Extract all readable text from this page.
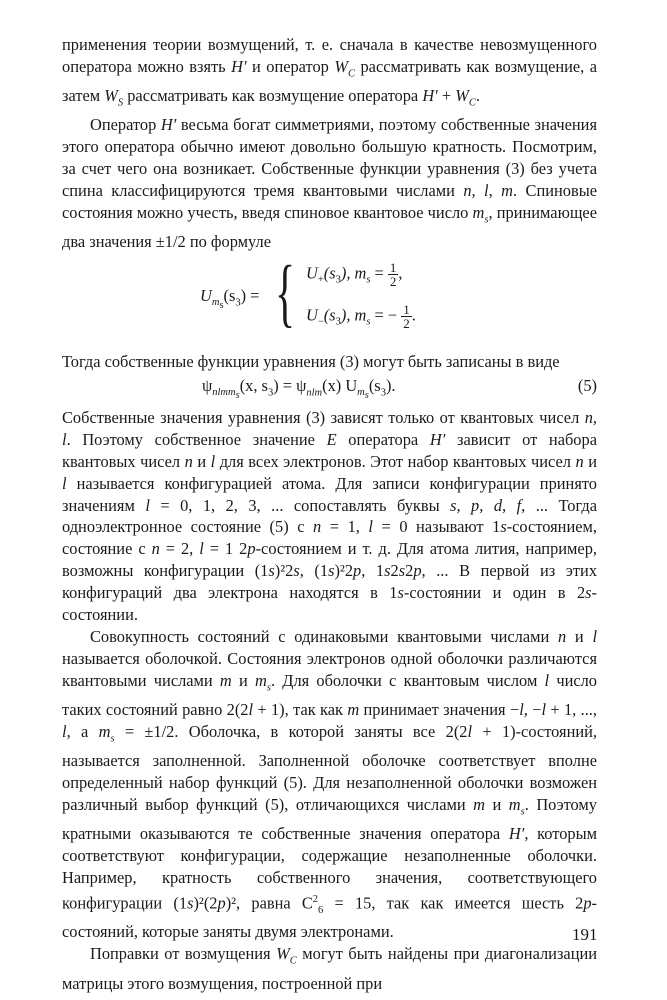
применения теории возмущений, т. е. сначала в качестве невозмущенного оператора можно взять H′ и оператор $W_C$ рассматривать как возмущение, а затем $W_S$ рассматривать как возмущение оператора $H' + W_C$.

Оператор H′ весьма богат симметриями, поэтому собственные значения этого оператора обычно имеют довольно большую кратность. Посмотрим, за счет чего она возникает. Собственные функции уравнения (3) без учета спина классифицируются тремя квантовыми числами n, l, m. Спиновые состояния можно учесть, введя спиновое квантовое число $m_s$, принимающее два значения ±1/2 по формуле

$U_{m_s}(s_3)$ = { $U_+(s_3)$, $m_s = \frac{1}{2}$ ,
$U_-(s_3)$, $m_s$ = − $\frac{1}{2}$ .

Тогда собственные функции уравнения (3) могут быть записаны в виде

$\psi_{nlmm_s}(x$, $s_3) = \psi_{nlm}(x)$ $U_{m_s}(s_3)$.	(5)

Собственные значения уравнения (3) зависят только от квантовых чисел n, l. Поэтому собственное значение E оператора H′ зависит от набора квантовых чисел n и l для всех электронов. Этот набор квантовых чисел n и l называется конфигурацией атома. Для записи конфигурации принято значениям l = 0, 1, 2, 3, ... сопоставлять буквы s, p, d, f, ... Тогда одноэлектронное состояние (5) с n = 1, l = 0 называют 1s-состоянием, состояние с n = 2, l = 1 2p-состоянием и т. д. Для атома лития, например, возможны конфигурации (1s)²2s, (1s)²2p, 1s2s2p, ... В первой из этих конфигураций два электрона находятся в 1s-состоянии и один в 2s-состоянии.

Совокупность состояний с одинаковыми квантовыми числами n и l называется оболочкой. Состояния электронов одной оболочки различаются квантовыми числами m и $m_s$. Для оболочки с квантовым числом l число таких состояний равно 2(2l + 1), так как m принимает значения −l, −l + 1, ..., l, а $m_s = \pm 1/2$. Оболочка, в которой заняты все 2(2l + 1)-состояний, называется заполненной. Заполненной оболочке соответствует вполне определенный набор функций (5). Для незаполненной оболочки возможен различный выбор функций (5), отличающихся числами m и $m_s$. Поэтому кратными оказываются те собственные значения оператора H′, которым соответствуют конфигурации, содержащие незаполненные оболочки. Например, кратность собственного значения, соответствующего конфигурации (1s)²(2p)², равна $C^2_6 = 15$, так как имеется шесть 2p-состояний, которые заняты двумя электронами.

Поправки от возмущения $W_C$ могут быть найдены при диагонализации матрицы этого возмущения, построенной при

191
